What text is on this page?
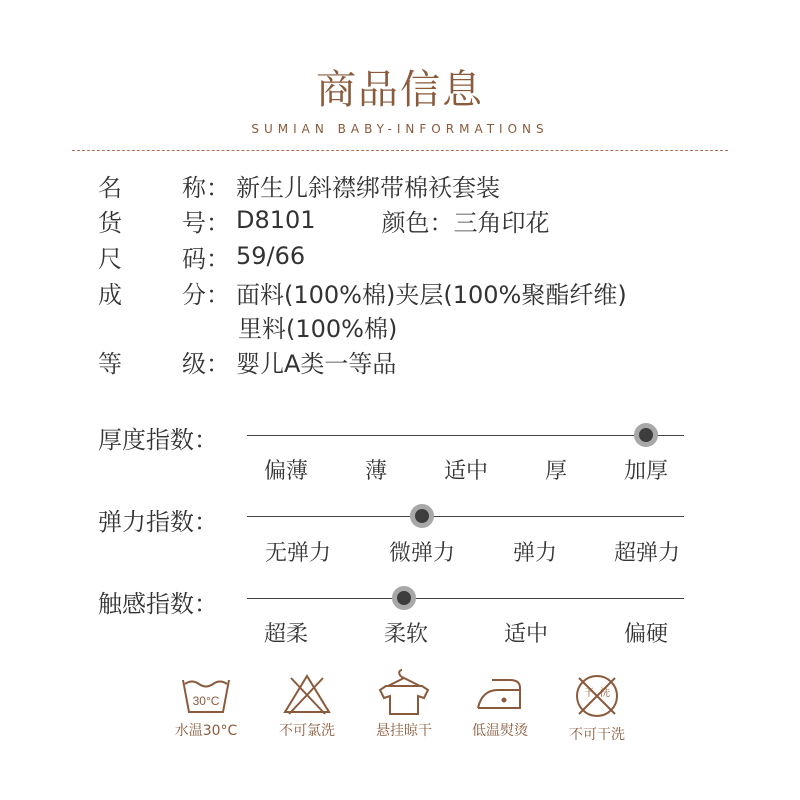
商品信息
SUMIAN BABY-INFORMATIONS
名	称 ： 新生儿斜襟绑带棉袄套装
货	号 ： D8101	颜色： 三角印花
尺	码 ： 59/66
成	分 ： 面料(100%棉)夹层(100%聚酯纤维)
里料(100%棉)
等	级 ： 婴儿A类一等品
厚度指数：
偏薄	薄	适中	厚	加厚
弹力指数：
无弹力	微弹力	弹力	超弹力
触感指数：
超柔	柔软	适中	偏硬
30°C
水温30°C	不可氯洗	悬挂晾干	低温熨烫
干 洗
不可干洗
